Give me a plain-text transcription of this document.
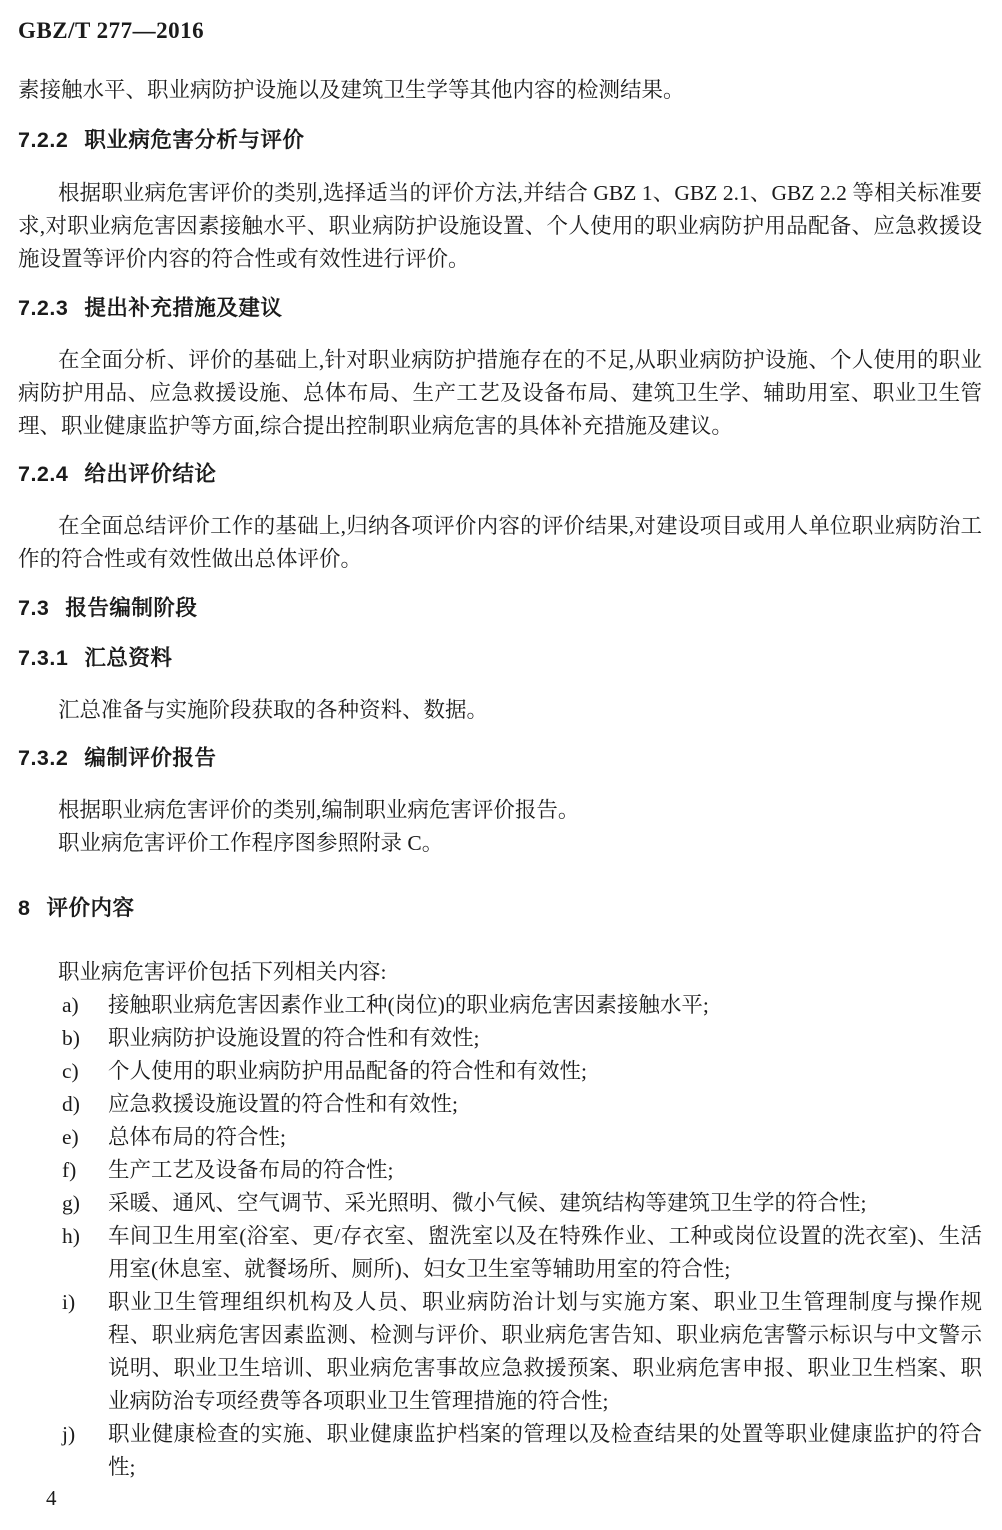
GBZ/T 277—2016

素接触水平、职业病防护设施以及建筑卫生学等其他内容的检测结果。

7.2.2 职业病危害分析与评价

根据职业病危害评价的类别,选择适当的评价方法,并结合 GBZ 1、GBZ 2.1、GBZ 2.2 等相关标准要求,对职业病危害因素接触水平、职业病防护设施设置、个人使用的职业病防护用品配备、应急救援设施设置等评价内容的符合性或有效性进行评价。

7.2.3 提出补充措施及建议

在全面分析、评价的基础上,针对职业病防护措施存在的不足,从职业病防护设施、个人使用的职业病防护用品、应急救援设施、总体布局、生产工艺及设备布局、建筑卫生学、辅助用室、职业卫生管理、职业健康监护等方面,综合提出控制职业病危害的具体补充措施及建议。

7.2.4 给出评价结论

在全面总结评价工作的基础上,归纳各项评价内容的评价结果,对建设项目或用人单位职业病防治工作的符合性或有效性做出总体评价。

7.3 报告编制阶段
7.3.1 汇总资料

汇总准备与实施阶段获取的各种资料、数据。

7.3.2 编制评价报告

根据职业病危害评价的类别,编制职业病危害评价报告。

职业病危害评价工作程序图参照附录 C。

8 评价内容

职业病危害评价包括下列相关内容:

a) 接触职业病危害因素作业工种(岗位)的职业病危害因素接触水平;
b) 职业病防护设施设置的符合性和有效性;
c) 个人使用的职业病防护用品配备的符合性和有效性;
d) 应急救援设施设置的符合性和有效性;
e) 总体布局的符合性;
f) 生产工艺及设备布局的符合性;
g) 采暖、通风、空气调节、采光照明、微小气候、建筑结构等建筑卫生学的符合性;
h) 车间卫生用室(浴室、更/存衣室、盥洗室以及在特殊作业、工种或岗位设置的洗衣室)、生活用室(休息室、就餐场所、厕所)、妇女卫生室等辅助用室的符合性;
i) 职业卫生管理组织机构及人员、职业病防治计划与实施方案、职业卫生管理制度与操作规程、职业病危害因素监测、检测与评价、职业病危害告知、职业病危害警示标识与中文警示说明、职业卫生培训、职业病危害事故应急救援预案、职业病危害申报、职业卫生档案、职业病防治专项经费等各项职业卫生管理措施的符合性;
j) 职业健康检查的实施、职业健康监护档案的管理以及检查结果的处置等职业健康监护的符合性;
4
